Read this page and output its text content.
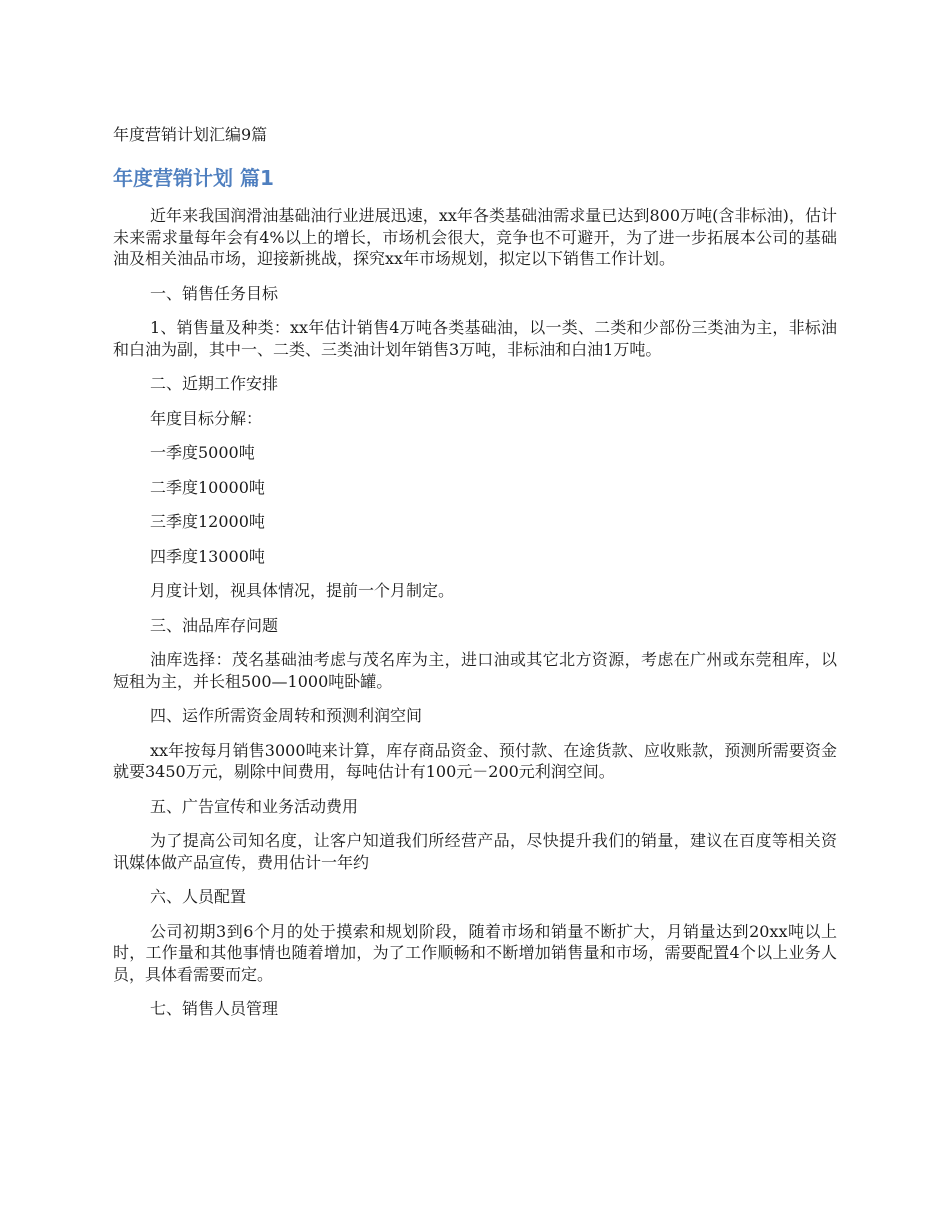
年度营销计划汇编9篇
年度营销计划 篇1

近年来我国润滑油基础油行业进展迅速，xx年各类基础油需求量已达到800万吨(含非标油)，估计未来需求量每年会有4%以上的增长，市场机会很大，竞争也不可避开，为了进一步拓展本公司的基础油及相关油品市场，迎接新挑战，探究xx年市场规划，拟定以下销售工作计划。

一、销售任务目标

1、销售量及种类：xx年估计销售4万吨各类基础油，以一类、二类和少部份三类油为主，非标油和白油为副，其中一、二类、三类油计划年销售3万吨，非标油和白油1万吨。

二、近期工作安排

年度目标分解：

一季度5000吨

二季度10000吨

三季度12000吨

四季度13000吨

月度计划，视具体情况，提前一个月制定。

三、油品库存问题

油库选择：茂名基础油考虑与茂名库为主，进口油或其它北方资源，考虑在广州或东莞租库，以短租为主，并长租500—1000吨卧罐。

四、运作所需资金周转和预测利润空间

xx年按每月销售3000吨来计算，库存商品资金、预付款、在途货款、应收账款，预测所需要资金就要3450万元，剔除中间费用，每吨估计有100元－200元利润空间。

五、广告宣传和业务活动费用

为了提高公司知名度，让客户知道我们所经营产品，尽快提升我们的销量，建议在百度等相关资讯媒体做产品宣传，费用估计一年约

六、人员配置

公司初期3到6个月的处于摸索和规划阶段，随着市场和销量不断扩大，月销量达到20xx吨以上时，工作量和其他事情也随着增加，为了工作顺畅和不断增加销售量和市场，需要配置4个以上业务人员，具体看需要而定。

七、销售人员管理
